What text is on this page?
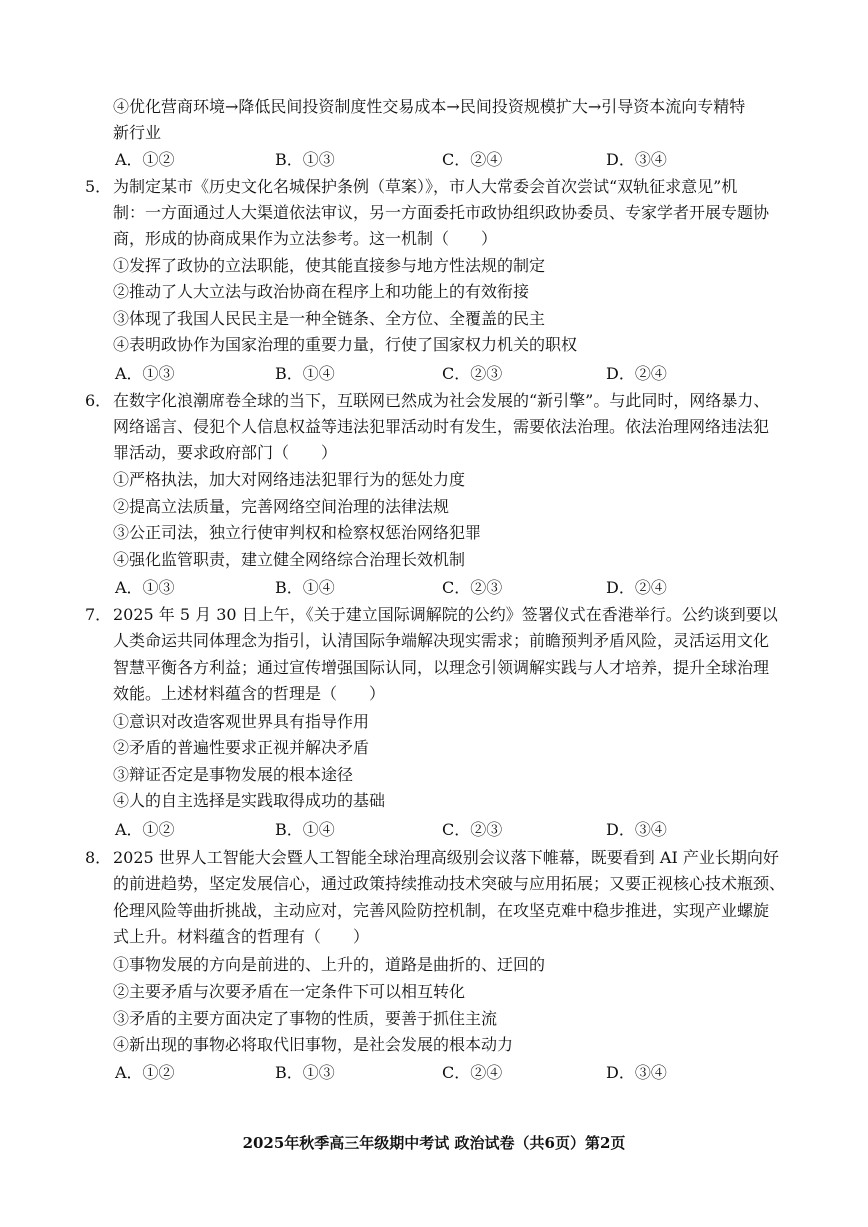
④优化营商环境→降低民间投资制度性交易成本→民间投资规模扩大→引导资本流向专精特
新行业
A．①②	B．①③	C．②④	D．③④
5． 为制定某市《历史文化名城保护条例（草案）》，市人大常委会首次尝试“双轨征求意见”机
制：一方面通过人大渠道依法审议，另一方面委托市政协组织政协委员、专家学者开展专题协
商，形成的协商成果作为立法参考。这一机制（　　）
①发挥了政协的立法职能，使其能直接参与地方性法规的制定
②推动了人大立法与政治协商在程序上和功能上的有效衔接
③体现了我国人民民主是一种全链条、全方位、全覆盖的民主
④表明政协作为国家治理的重要力量，行使了国家权力机关的职权
A．①③	B．①④	C．②③	D．②④
6． 在数字化浪潮席卷全球的当下，互联网已然成为社会发展的“新引擎”。与此同时，网络暴力、
网络谣言、侵犯个人信息权益等违法犯罪活动时有发生，需要依法治理。依法治理网络违法犯
罪活动，要求政府部门（　　）
①严格执法，加大对网络违法犯罪行为的惩处力度
②提高立法质量，完善网络空间治理的法律法规
③公正司法，独立行使审判权和检察权惩治网络犯罪
④强化监管职责，建立健全网络综合治理长效机制
A．①③	B．①④	C．②③	D．②④
7． 2025 年 5 月 30 日上午，《关于建立国际调解院的公约》签署仪式在香港举行。公约谈到要以
人类命运共同体理念为指引，认清国际争端解决现实需求；前瞻预判矛盾风险，灵活运用文化
智慧平衡各方利益；通过宣传增强国际认同，以理念引领调解实践与人才培养，提升全球治理
效能。上述材料蕴含的哲理是（　　）
①意识对改造客观世界具有指导作用
②矛盾的普遍性要求正视并解决矛盾
③辩证否定是事物发展的根本途径
④人的自主选择是实践取得成功的基础
A．①②	B．①④	C．②③	D．③④
8． 2025 世界人工智能大会暨人工智能全球治理高级别会议落下帷幕，既要看到 AI 产业长期向好
的前进趋势，坚定发展信心，通过政策持续推动技术突破与应用拓展；又要正视核心技术瓶颈、
伦理风险等曲折挑战，主动应对，完善风险防控机制，在攻坚克难中稳步推进，实现产业螺旋
式上升。材料蕴含的哲理有（　　）
①事物发展的方向是前进的、上升的，道路是曲折的、迂回的
②主要矛盾与次要矛盾在一定条件下可以相互转化
③矛盾的主要方面决定了事物的性质，要善于抓住主流
④新出现的事物必将取代旧事物，是社会发展的根本动力
A．①②	B．①③	C．②④	D．③④
2025年秋季高三年级期中考试 政治试卷（共6页）第2页
